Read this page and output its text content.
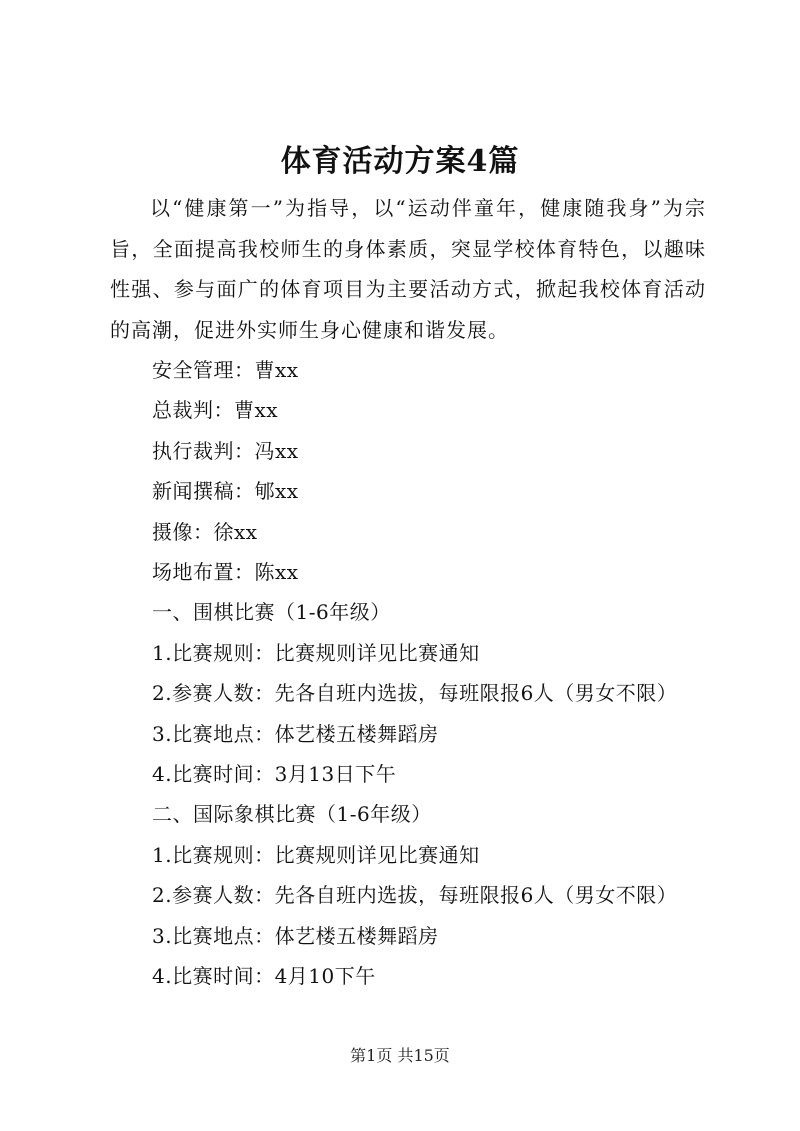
体育活动方案4篇

以“健康第一”为指导，以“运动伴童年，健康随我身”为宗旨，全面提高我校师生的身体素质，突显学校体育特色，以趣味性强、参与面广的体育项目为主要活动方式，掀起我校体育活动的高潮，促进外实师生身心健康和谐发展。

安全管理：曹xx
总裁判：曹xx
执行裁判：冯xx
新闻撰稿：郇xx
摄像：徐xx
场地布置：陈xx
一、围棋比赛（1-6年级）
1.比赛规则：比赛规则详见比赛通知
2.参赛人数：先各自班内选拔，每班限报6人（男女不限）
3.比赛地点：体艺楼五楼舞蹈房
4.比赛时间：3月13日下午
二、国际象棋比赛（1-6年级）
1.比赛规则：比赛规则详见比赛通知
2.参赛人数：先各自班内选拔，每班限报6人（男女不限）
3.比赛地点：体艺楼五楼舞蹈房
4.比赛时间：4月10下午
第1页 共15页
